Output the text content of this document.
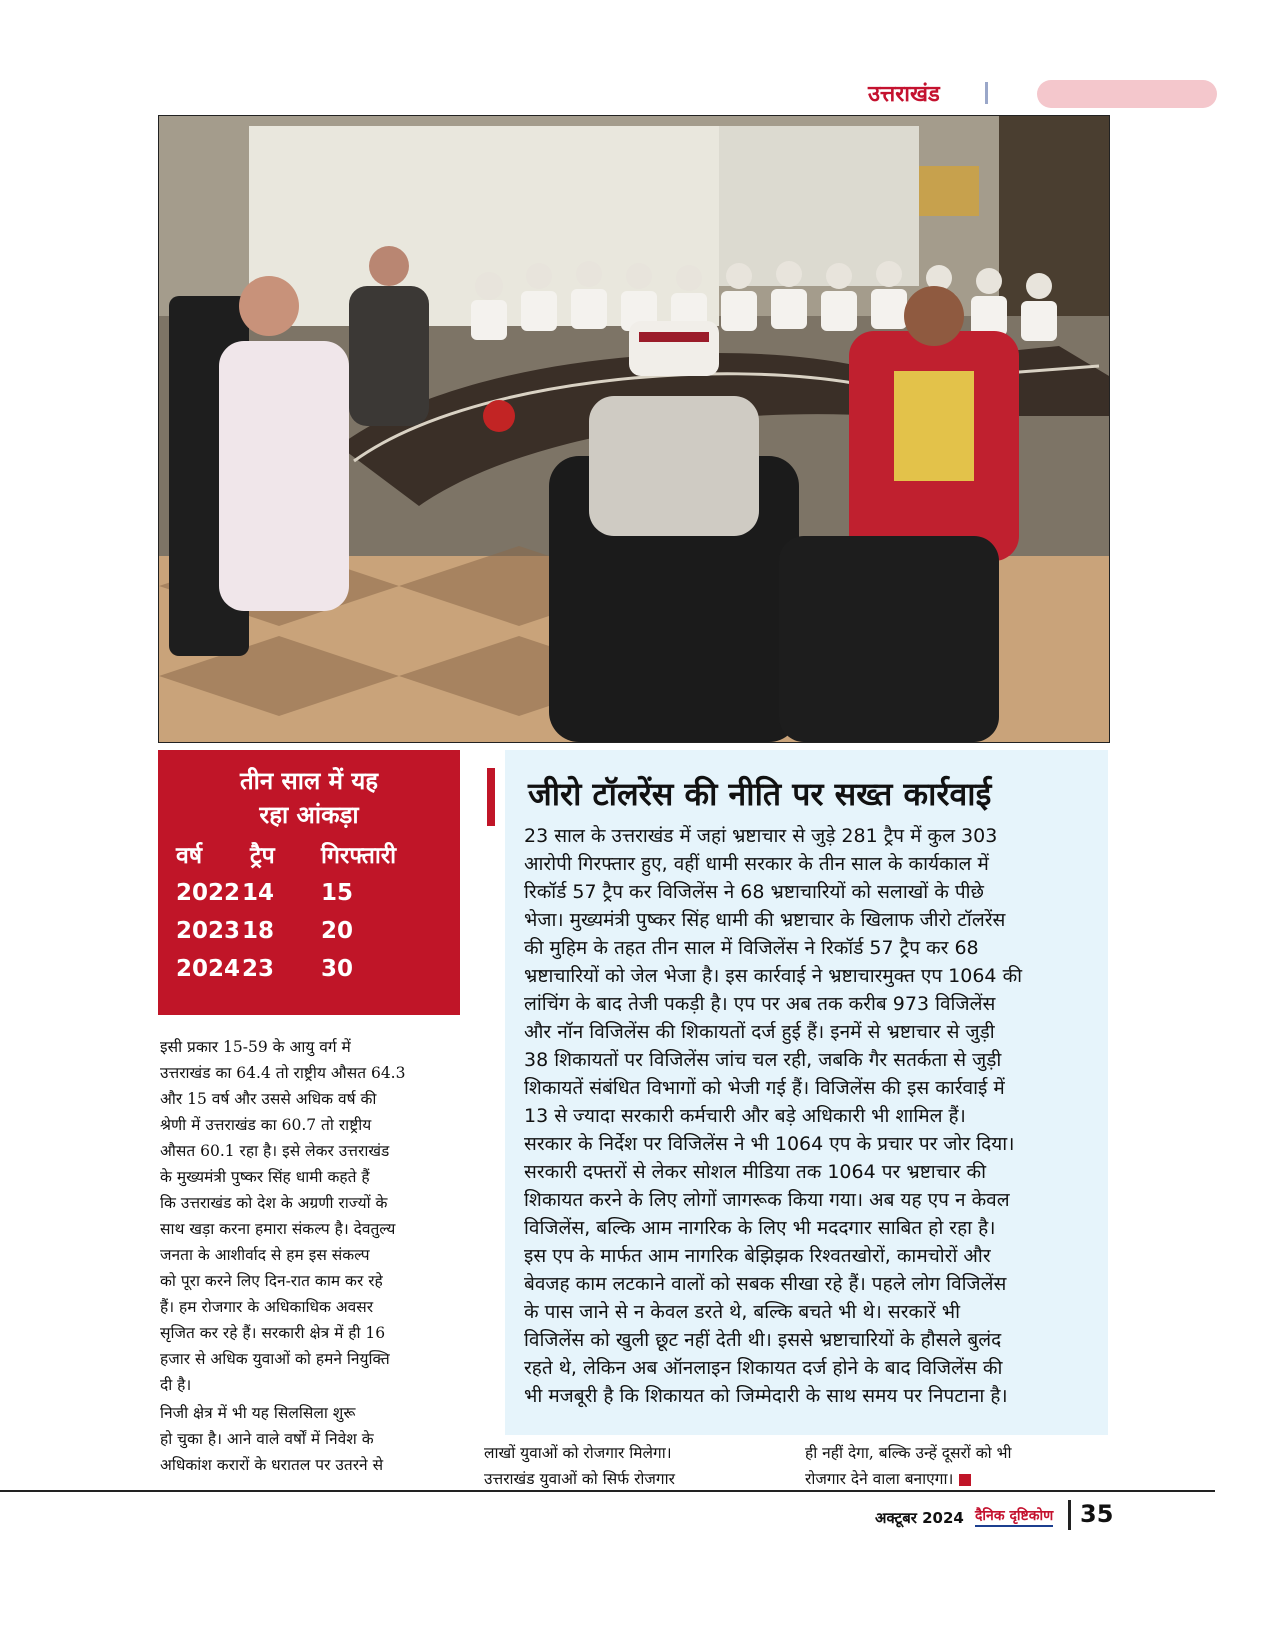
उत्तराखंड
तीन साल में यह
रहा आंकड़ा
वर्ष ट्रैप गिरफ्तारी
2022 14 15
2023 18 20
2024 23 30
जीरो टॉलरेंस की नीति पर सख्त कार्रवाई
23 साल के उत्तराखंड में जहां भ्रष्टाचार से जुड़े 281 ट्रैप में कुल 303
आरोपी गिरफ्तार हुए, वहीं धामी सरकार के तीन साल के कार्यकाल में
रिकॉर्ड 57 ट्रैप कर विजिलेंस ने 68 भ्रष्टाचारियों को सलाखों के पीछे
भेजा। मुख्यमंत्री पुष्कर सिंह धामी की भ्रष्टाचार के खिलाफ जीरो टॉलरेंस
की मुहिम के तहत तीन साल में विजिलेंस ने रिकॉर्ड 57 ट्रैप कर 68
भ्रष्टाचारियों को जेल भेजा है। इस कार्रवाई ने भ्रष्टाचारमुक्त एप 1064 की
लांचिंग के बाद तेजी पकड़ी है। एप पर अब तक करीब 973 विजिलेंस
और नॉन विजिलेंस की शिकायतों दर्ज हुई हैं। इनमें से भ्रष्टाचार से जुड़ी
38 शिकायतों पर विजिलेंस जांच चल रही, जबकि गैर सतर्कता से जुड़ी
शिकायतें संबंधित विभागों को भेजी गई हैं। विजिलेंस की इस कार्रवाई में
13 से ज्यादा सरकारी कर्मचारी और बड़े अधिकारी भी शामिल हैं।
सरकार के निर्देश पर विजिलेंस ने भी 1064 एप के प्रचार पर जोर दिया।
सरकारी दफ्तरों से लेकर सोशल मीडिया तक 1064 पर भ्रष्टाचार की
शिकायत करने के लिए लोगों जागरूक किया गया। अब यह एप न केवल
विजिलेंस, बल्कि आम नागरिक के लिए भी मददगार साबित हो रहा है।
इस एप के मार्फत आम नागरिक बेझिझक रिश्वतखोरों, कामचोरों और
बेवजह काम लटकाने वालों को सबक सीखा रहे हैं। पहले लोग विजिलेंस
के पास जाने से न केवल डरते थे, बल्कि बचते भी थे। सरकारें भी
विजिलेंस को खुली छूट नहीं देती थी। इससे भ्रष्टाचारियों के हौसले बुलंद
रहते थे, लेकिन अब ऑनलाइन शिकायत दर्ज होने के बाद विजिलेंस की
भी मजबूरी है कि शिकायत को जिम्मेदारी के साथ समय पर निपटाना है।
इसी प्रकार 15-59 के आयु वर्ग में
उत्तराखंड का 64.4 तो राष्ट्रीय औसत 64.3
और 15 वर्ष और उससे अधिक वर्ष की
श्रेणी में उत्तराखंड का 60.7 तो राष्ट्रीय
औसत 60.1 रहा है। इसे लेकर उत्तराखंड
के मुख्यमंत्री पुष्कर सिंह धामी कहते हैं
कि उत्तराखंड को देश के अग्रणी राज्यों के
साथ खड़ा करना हमारा संकल्प है। देवतुल्य
जनता के आशीर्वाद से हम इस संकल्प
को पूरा करने लिए दिन-रात काम कर रहे
हैं। हम रोजगार के अधिकाधिक अवसर
सृजित कर रहे हैं। सरकारी क्षेत्र में ही 16
हजार से अधिक युवाओं को हमने नियुक्ति
दी है।
निजी क्षेत्र में भी यह सिलसिला शुरू
हो चुका है। आने वाले वर्षों में निवेश के
अधिकांश करारों के धरातल पर उतरने से
लाखों युवाओं को रोजगार मिलेगा।
उत्तराखंड युवाओं को सिर्फ रोजगार
ही नहीं देगा, बल्कि उन्हें दूसरों को भी
रोजगार देने वाला बनाएगा।
अक्टूबर 2024 दैनिक दृष्टिकोण 35
